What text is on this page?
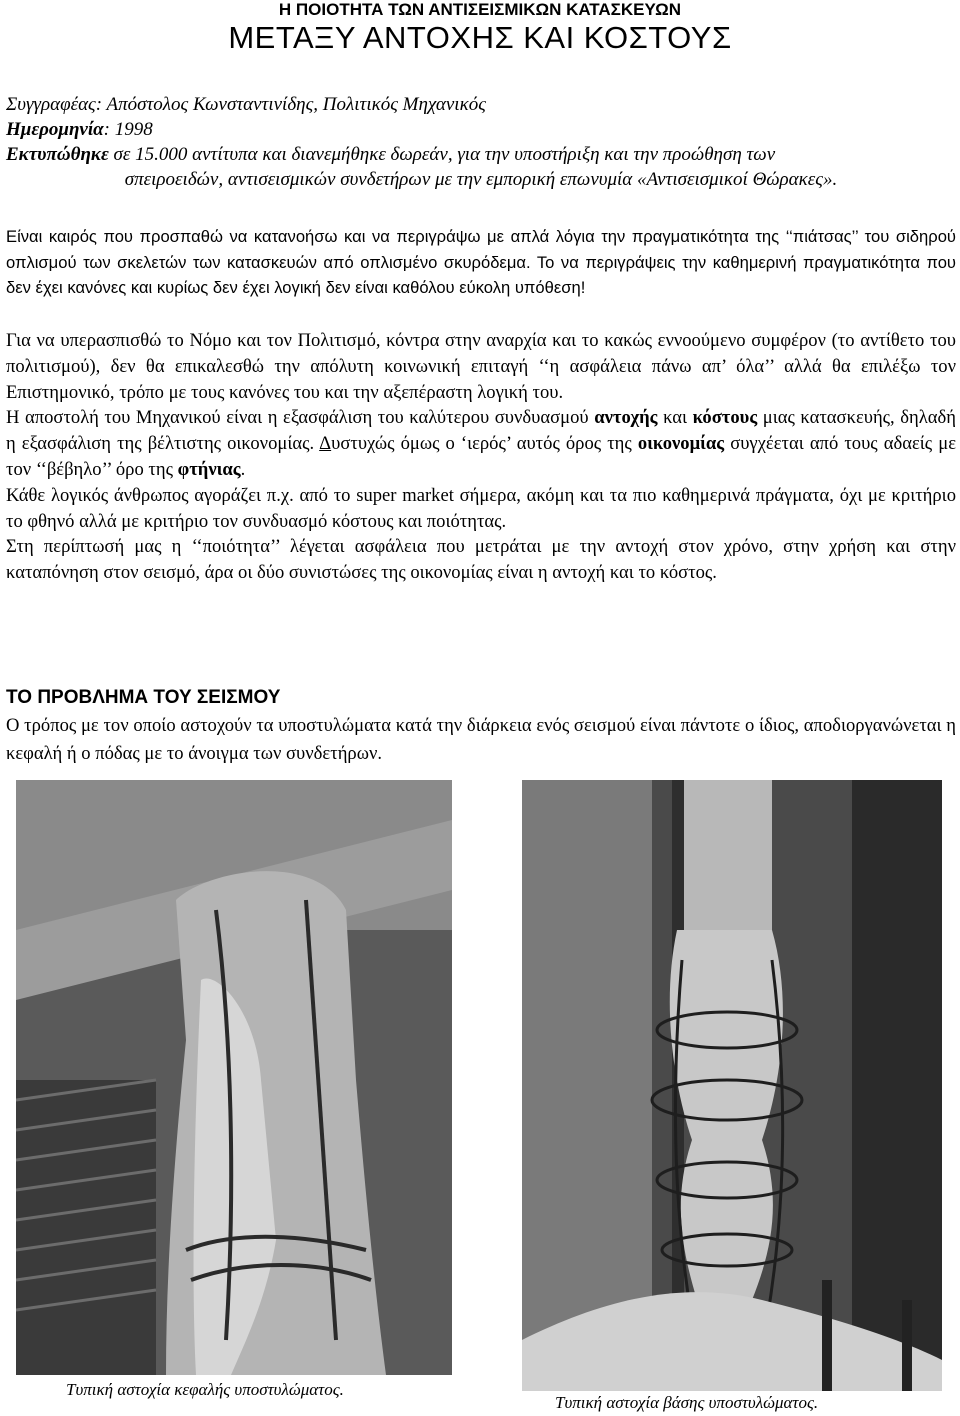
Η ΠΟΙΟΤΗΤΑ ΤΩΝ ΑΝΤΙΣΕΙΣΜΙΚΩΝ ΚΑΤΑΣΚΕΥΩΝ
ΜΕΤΑΞΥ ΑΝΤΟΧΗΣ ΚΑΙ ΚΟΣΤΟΥΣ
Συγγραφέας: Απόστολος Κωνσταντινίδης, Πολιτικός Μηχανικός
Ημερομηνία: 1998
Εκτυπώθηκε σε 15.000 αντίτυπα και διανεμήθηκε δωρεάν, για την υποστήριξη και την προώθηση των
σπειροειδών, αντισεισμικών συνδετήρων με την εμπορική επωνυμία «Αντισεισμικοί Θώρακες».

Είναι καιρός που προσπαθώ να κατανοήσω και να περιγράψω με απλά λόγια την πραγματικότητα της ‘‘πιάτσας’’ του σιδηρού οπλισμού των σκελετών των κατασκευών από οπλισμένο σκυρόδεμα. Το να περιγράψεις την καθημερινή πραγματικότητα που δεν έχει κανόνες και κυρίως δεν έχει λογική δεν είναι καθόλου εύκολη υπόθεση!

Για να υπερασπισθώ το Νόμο και τον Πολιτισμό, κόντρα στην αναρχία και το κακώς εννοούμενο συμφέρον (το αντίθετο του πολιτισμού), δεν θα επικαλεσθώ την απόλυτη κοινωνική επιταγή ‘‘η ασφάλεια πάνω απ’ όλα’’ αλλά θα επιλέξω τον Επιστημονικό, τρόπο με τους κανόνες του και την αξεπέραστη λογική του.

Η αποστολή του Μηχανικού είναι η εξασφάλιση του καλύτερου συνδυασμού αντοχής και κόστους μιας κατασκευής, δηλαδή η εξασφάλιση της βέλτιστης οικονομίας. Δυστυχώς όμως ο ‘ιερός’ αυτός όρος της οικονομίας συγχέεται από τους αδαείς με τον ‘‘βέβηλο’’ όρο της φτήνιας.

Κάθε λογικός άνθρωπος αγοράζει π.χ. από το super market σήμερα, ακόμη και τα πιο καθημερινά πράγματα, όχι με κριτήριο το φθηνό αλλά με κριτήριο τον συνδυασμό κόστους και ποιότητας.

Στη περίπτωσή μας η ‘‘ποιότητα’’ λέγεται ασφάλεια που μετράται με την αντοχή στον χρόνο, στην χρήση και στην καταπόνηση στον σεισμό, άρα οι δύο συνιστώσες της οικονομίας είναι η αντοχή και το κόστος.

ΤΟ ΠΡΟΒΛΗΜΑ ΤΟΥ ΣΕΙΣΜΟΥ
Ο τρόπος με τον οποίο αστοχούν τα υποστυλώματα κατά την διάρκεια ενός σεισμού είναι πάντοτε ο ίδιος, αποδιοργανώνεται η κεφαλή ή ο πόδας με το άνοιγμα των συνδετήρων.
Τυπική αστοχία κεφαλής υποστυλώματος.
Τυπική αστοχία βάσης υποστυλώματος.
